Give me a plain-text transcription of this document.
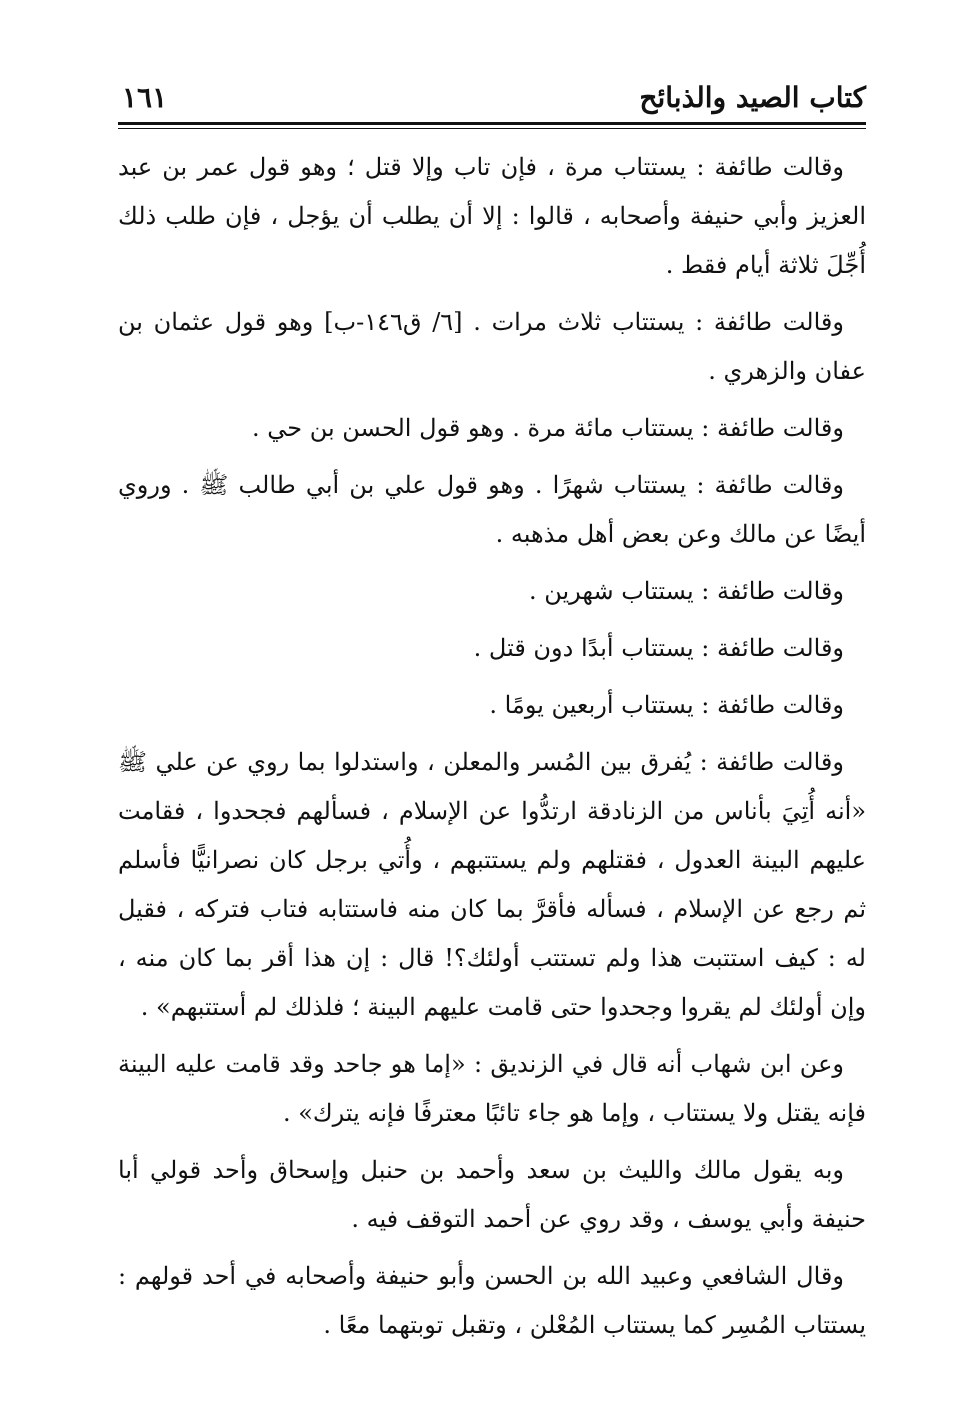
كتاب الصيد والذبائح
١٦١

وقالت طائفة : يستتاب مرة ، فإن تاب وإلا قتل ؛ وهو قول عمر بن عبد العزيز وأبي حنيفة وأصحابه ، قالوا : إلا أن يطلب أن يؤجل ، فإن طلب ذلك أُجِّلَ ثلاثة أيام فقط .

وقالت طائفة : يستتاب ثلاث مرات . [٦/ ق١٤٦-ب] وهو قول عثمان بن عفان والزهري .

وقالت طائفة : يستتاب مائة مرة . وهو قول الحسن بن حي .

وقالت طائفة : يستتاب شهرًا . وهو قول علي بن أبي طالب ﷺ . وروي أيضًا عن مالك وعن بعض أهل مذهبه .

وقالت طائفة : يستتاب شهرين .

وقالت طائفة : يستتاب أبدًا دون قتل .

وقالت طائفة : يستتاب أربعين يومًا .

وقالت طائفة : يُفرق بين المُسر والمعلن ، واستدلوا بما روي عن علي ﷺ «أنه أُتِيَ بأناس من الزنادقة ارتدُّوا عن الإسلام ، فسألهم فجحدوا ، فقامت عليهم البينة العدول ، فقتلهم ولم يستتبهم ، وأُتي برجل كان نصرانيًّا فأسلم ثم رجع عن الإسلام ، فسأله فأقرَّ بما كان منه فاستتابه فتاب فتركه ، فقيل له : كيف استتبت هذا ولم تستتب أولئك؟! قال : إن هذا أقر بما كان منه ، وإن أولئك لم يقروا وجحدوا حتى قامت عليهم البينة ؛ فلذلك لم أستتبهم» .

وعن ابن شهاب أنه قال في الزنديق : «إما هو جاحد وقد قامت عليه البينة فإنه يقتل ولا يستتاب ، وإما هو جاء تائبًا معترفًا فإنه يترك» .

وبه يقول مالك والليث بن سعد وأحمد بن حنبل وإسحاق وأحد قولي أبا حنيفة وأبي يوسف ، وقد روي عن أحمد التوقف فيه .

وقال الشافعي وعبيد الله بن الحسن وأبو حنيفة وأصحابه في أحد قولهم : يستتاب المُسِر كما يستتاب المُعْلن ، وتقبل توبتهما معًا .
